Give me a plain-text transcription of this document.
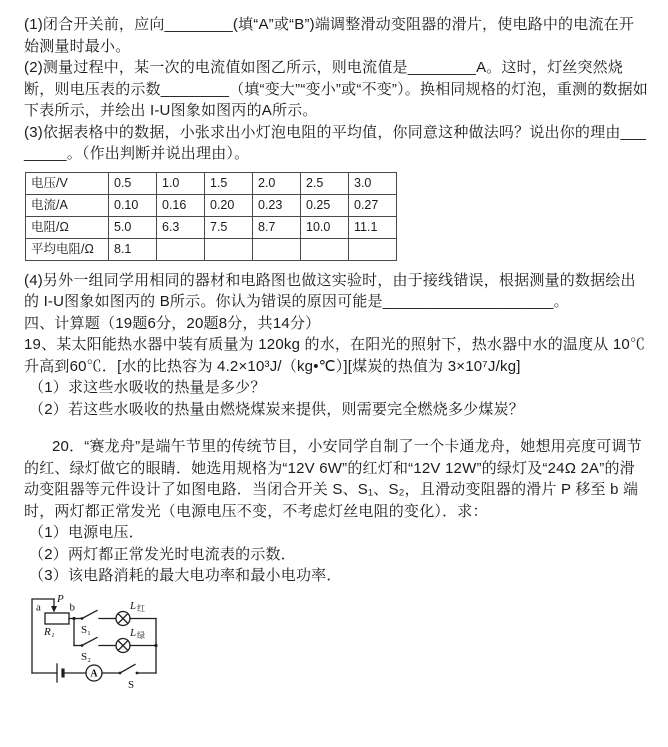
(1)闭合开关前，应向________(填“A”或“B”)端调整滑动变阻器的滑片，使电路中的电流在开始测量时最小。

(2)测量过程中，某一次的电流值如图乙所示，则电流值是________A。这时，灯丝突然烧断，则电压表的示数________（填“变大”“变小”或“不变”）。换相同规格的灯泡，重测的数据如下表所示，并绘出 I-U图象如图丙的A所示。

(3)依据表格中的数据，小张求出小灯泡电阻的平均值，你同意这种做法吗？说出你的理由________。（作出判断并说出理由）。

电压/V	0.5	1.0	1.5	2.0	2.5	3.0
电流/A	0.10	0.16	0.20	0.23	0.25	0.27
电阻/Ω	5.0	6.3	7.5	8.7	10.0	11.1
平均电阻/Ω	8.1					

(4)另外一组同学用相同的器材和电路图也做这实验时，由于接线错误，根据测量的数据绘出的 I-U图象如图丙的 B所示。你认为错误的原因可能是____________________。

四、计算题（19题6分，20题8分，共14分）

19、某太阳能热水器中装有质量为 120kg 的水，在阳光的照射下，热水器中水的温度从 10℃升高到60℃．[水的比热容为 4.2×10³J/（kg•℃）][煤炭的热值为 3×10⁷J/kg]

（1）求这些水吸收的热量是多少？

（2）若这些水吸收的热量由燃烧煤炭来提供，则需要完全燃烧多少煤炭？

20．“赛龙舟”是端午节里的传统节目，小安同学自制了一个卡通龙舟，她想用亮度可调节的红、绿灯做它的眼睛．她选用规格为“12V 6W”的红灯和“12V 12W”的绿灯及“24Ω 2A”的滑动变阻器等元件设计了如图电路．当闭合开关 S、S₁、S₂，且滑动变阻器的滑片 P 移至 b 端时，两灯都正常发光（电源电压不变，不考虑灯丝电阻的变化）．求：

（1）电源电压．

（2）两灯都正常发光时电流表的示数．

（3）该电路消耗的最大电功率和最小电功率．

P
a	b
R₁ S₁
S₂
L 红
L 绿
A
S
